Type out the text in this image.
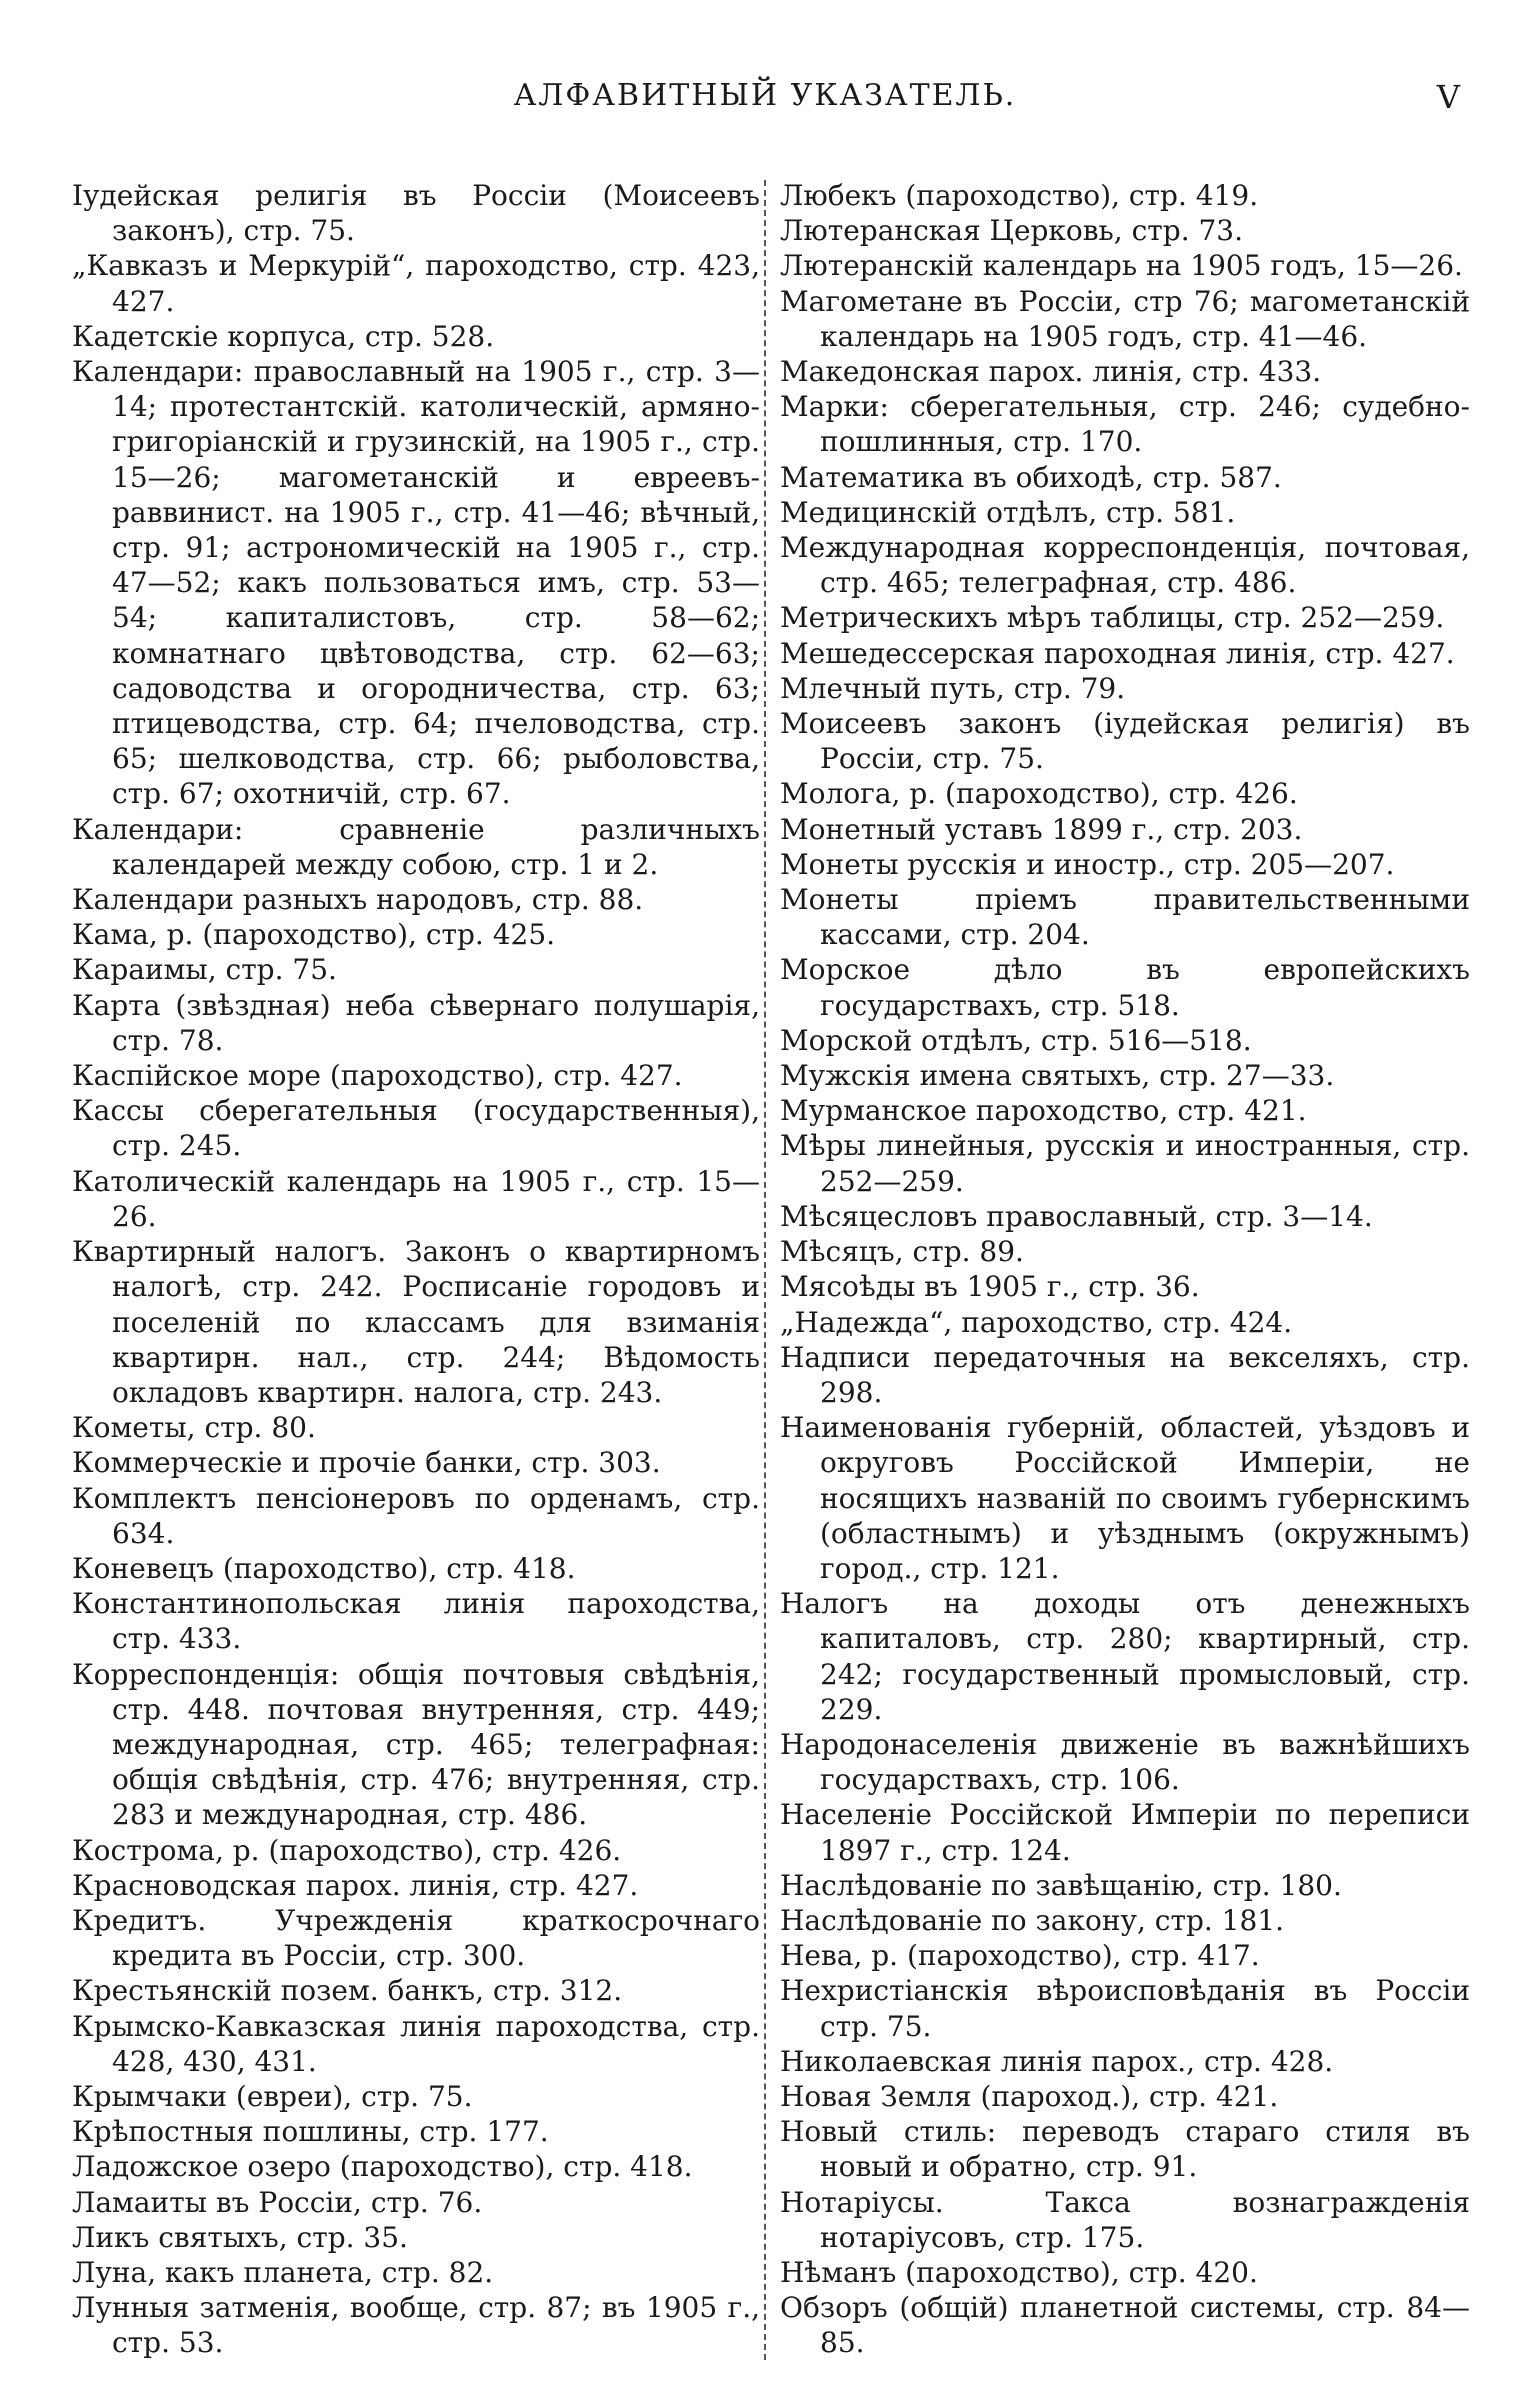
АЛФАВИТНЫЙ УКАЗАТЕЛЬ.	V

Іудейская религія въ Россіи (Моисеевъ законъ), стр. 75.

„Кавказъ и Меркурій“, пароходство, стр. 423, 427.

Кадетскіе корпуса, стр. 528.

Календари: православный на 1905 г., стр. 3—14; протестантскій. католическій, армяно-григоріанскій и грузинскій, на 1905 г., стр. 15—26; магометанскій и евреевъ-раввинист. на 1905 г., стр. 41—46; вѣчный, стр. 91; астрономическій на 1905 г., стр. 47—52; какъ пользоваться имъ, стр. 53—54; капиталистовъ, стр. 58—62; комнатнаго цвѣтоводства, стр. 62—63; садоводства и огородничества, стр. 63; птицеводства, стр. 64; пчеловодства, стр. 65; шелководства, стр. 66; рыболовства, стр. 67; охотничій, стр. 67.

Календари: сравненіе различныхъ календарей между собою, стр. 1 и 2.

Календари разныхъ народовъ, стр. 88.

Кама, р. (пароходство), стр. 425.

Караимы, стр. 75.

Карта (звѣздная) неба сѣвернаго полушарія, стр. 78.

Каспійское море (пароходство), стр. 427.

Кассы сберегательныя (государственныя), стр. 245.

Католическій календарь на 1905 г., стр. 15—26.

Квартирный налогъ. Законъ о квартирномъ налогѣ, стр. 242. Росписаніе городовъ и поселеній по классамъ для взиманія квартирн. нал., стр. 244; Вѣдомость окладовъ квартирн. налога, стр. 243.

Кометы, стр. 80.

Коммерческіе и прочіе банки, стр. 303.

Комплектъ пенсіонеровъ по орденамъ, стр. 634.

Коневецъ (пароходство), стр. 418.

Константинопольская линія пароходства, стр. 433.

Корреспонденція: общія почтовыя свѣдѣнія, стр. 448. почтовая внутренняя, стр. 449; международная, стр. 465; телеграфная: общія свѣдѣнія, стр. 476; внутренняя, стр. 283 и международная, стр. 486.

Кострома, р. (пароходство), стр. 426.

Красноводская парох. линія, стр. 427.

Кредитъ. Учрежденія краткосрочнаго кредита въ Россіи, стр. 300.

Крестьянскій позем. банкъ, стр. 312.

Крымско-Кавказская линія пароходства, стр. 428, 430, 431.

Крымчаки (евреи), стр. 75.

Крѣпостныя пошлины, стр. 177.

Ладожское озеро (пароходство), стр. 418.

Ламаиты въ Россіи, стр. 76.

Ликъ святыхъ, стр. 35.

Луна, какъ планета, стр. 82.

Лунныя затменія, вообще, стр. 87; въ 1905 г., стр. 53.

Любекъ (пароходство), стр. 419.

Лютеранская Церковь, стр. 73.

Лютеранскій календарь на 1905 годъ, 15—26.

Магометане въ Россіи, стр 76; магометанскій календарь на 1905 годъ, стр. 41—46.

Македонская парох. линія, стр. 433.

Марки: сберегательныя, стр. 246; судебно-пошлинныя, стр. 170.

Математика въ обиходѣ, стр. 587.

Медицинскій отдѣлъ, стр. 581.

Международная корреспонденція, почтовая, стр. 465; телеграфная, стр. 486.

Метрическихъ мѣръ таблицы, стр. 252—259.

Мешедессерская пароходная линія, стр. 427.

Млечный путь, стр. 79.

Моисеевъ законъ (іудейская религія) въ Россіи, стр. 75.

Молога, р. (пароходство), стр. 426.

Монетный уставъ 1899 г., стр. 203.

Монеты русскія и иностр., стр. 205—207.

Монеты пріемъ правительственными кассами, стр. 204.

Морское дѣло въ европейскихъ государствахъ, стр. 518.

Морской отдѣлъ, стр. 516—518.

Мужскія имена святыхъ, стр. 27—33.

Мурманское пароходство, стр. 421.

Мѣры линейныя, русскія и иностранныя, стр. 252—259.

Мѣсяцесловъ православный, стр. 3—14.

Мѣсяцъ, стр. 89.

Мясоѣды въ 1905 г., стр. 36.

„Надежда“, пароходство, стр. 424.

Надписи передаточныя на векселяхъ, стр. 298.

Наименованія губерній, областей, уѣздовъ и округовъ Россійской Имперіи, не носящихъ названій по своимъ губернскимъ (областнымъ) и уѣзднымъ (окружнымъ) город., стр. 121.

Налогъ на доходы отъ денежныхъ капиталовъ, стр. 280; квартирный, стр. 242; государственный промысловый, стр. 229.

Народонаселенія движеніе въ важнѣйшихъ государствахъ, стр. 106.

Населеніе Россійской Имперіи по переписи 1897 г., стр. 124.

Наслѣдованіе по завѣщанію, стр. 180.

Наслѣдованіе по закону, стр. 181.

Нева, р. (пароходство), стр. 417.

Нехристіанскія вѣроисповѣданія въ Россіи стр. 75.

Николаевская линія парох., стр. 428.

Новая Земля (пароход.), стр. 421.

Новый стиль: переводъ стараго стиля въ новый и обратно, стр. 91.

Нотаріусы. Такса вознагражденія нотаріусовъ, стр. 175.

Нѣманъ (пароходство), стр. 420.

Обзоръ (общій) планетной системы, стр. 84—85.
